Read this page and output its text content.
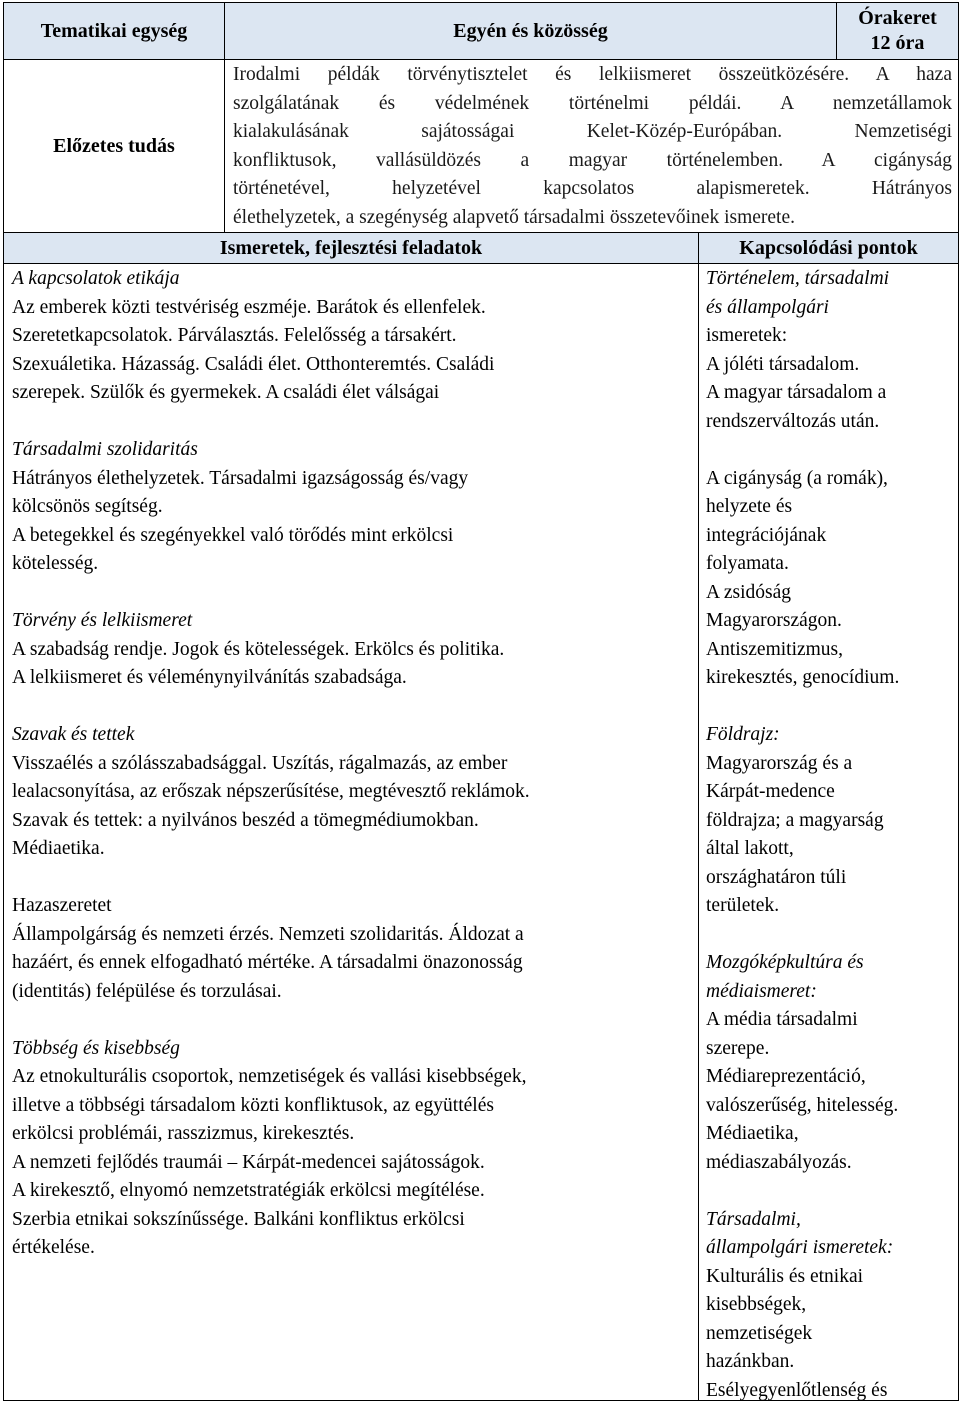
Tematikai egység	Egyén és közösség
Órakeret
12 óra
Előzetes tudás
Irodalmi példák törvénytisztelet és lelkiismeret összeütközésére. A haza
szolgálatának és védelmének történelmi példái. A nemzetállamok
kialakulásának sajátosságai Kelet-Közép-Európában. Nemzetiségi
konfliktusok, vallásüldözés a magyar történelemben. A cigányság
történetével, helyzetével kapcsolatos alapismeretek. Hátrányos
élethelyzetek, a szegénység alapvető társadalmi összetevőinek ismerete.
Ismeretek, fejlesztési feladatok	Kapcsolódási pontok
A kapcsolatok etikája
Az emberek közti testvériség eszméje. Barátok és ellenfelek.
Szeretetkapcsolatok. Párválasztás. Felelősség a társakért.
Szexuáletika. Házasság. Családi élet. Otthonteremtés. Családi
szerepek. Szülők és gyermekek. A családi élet válságai
Társadalmi szolidaritás
Hátrányos élethelyzetek. Társadalmi igazságosság és/vagy
kölcsönös segítség.
A betegekkel és szegényekkel való törődés mint erkölcsi
kötelesség.
Törvény és lelkiismeret
A szabadság rendje. Jogok és kötelességek. Erkölcs és politika.
A lelkiismeret és véleménynyilvánítás szabadsága.
Szavak és tettek
Visszaélés a szólásszabadsággal. Uszítás, rágalmazás, az ember
lealacsonyítása, az erőszak népszerűsítése, megtévesztő reklámok.
Szavak és tettek: a nyilvános beszéd a tömegmédiumokban.
Médiaetika.
Hazaszeretet
Állampolgárság és nemzeti érzés. Nemzeti szolidaritás. Áldozat a
hazáért, és ennek elfogadható mértéke. A társadalmi önazonosság
(identitás) felépülése és torzulásai.
Többség és kisebbség
Az etnokulturális csoportok, nemzetiségek és vallási kisebbségek,
illetve a többségi társadalom közti konfliktusok, az együttélés
erkölcsi problémái, rasszizmus, kirekesztés.
A nemzeti fejlődés traumái – Kárpát-medencei sajátosságok.
A kirekesztő, elnyomó nemzetstratégiák erkölcsi megítélése.
Szerbia etnikai sokszínűssége. Balkáni konfliktus erkölcsi
értékelése.
Történelem, társadalmi
és állampolgári
ismeretek:
A jóléti társadalom.
A magyar társadalom a
rendszerváltozás után.
A cigányság (a romák),
helyzete és
integrációjának
folyamata.
A zsidóság
Magyarországon.
Antiszemitizmus,
kirekesztés, genocídium.
Földrajz:
Magyarország és a
Kárpát-medence
földrajza; a magyarság
által lakott,
országhatáron túli
területek.
Mozgóképkultúra és
médiaismeret:
A média társadalmi
szerepe.
Médiareprezentáció,
valószerűség, hitelesség.
Médiaetika,
médiaszabályozás.
Társadalmi,
állampolgári ismeretek:
Kulturális és etnikai
kisebbségek,
nemzetiségek
hazánkban.
Esélyegyenlőtlenség és
